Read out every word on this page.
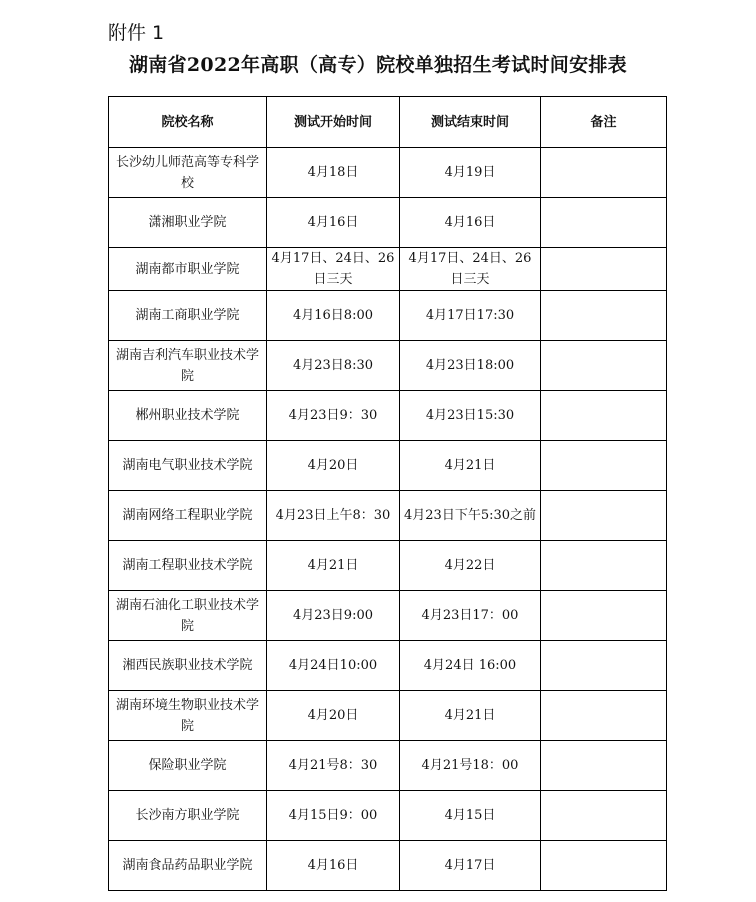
附件 1
湖南省2022年高职（高专）院校单独招生考试时间安排表
院校名称	测试开始时间	测试结束时间	备注
长沙幼儿师范高等专科学校	4月18日	4月19日	
潇湘职业学院	4月16日	4月16日	
湖南都市职业学院	4月17日、24日、26日三天	4月17日、24日、26日三天	
湖南工商职业学院	4月16日8:00	4月17日17:30	
湖南吉利汽车职业技术学院	4月23日8:30	4月23日18:00	
郴州职业技术学院	4月23日9：30	4月23日15:30	
湖南电气职业技术学院	4月20日	4月21日	
湖南网络工程职业学院	4月23日上午8：30	4月23日下午5:30之前	
湖南工程职业技术学院	4月21日	4月22日	
湖南石油化工职业技术学院	4月23日9:00	4月23日17：00	
湘西民族职业技术学院	4月24日10:00	4月24日 16:00	
湖南环境生物职业技术学院	4月20日	4月21日	
保险职业学院	4月21号8：30	4月21号18：00	
长沙南方职业学院	4月15日9：00	4月15日	
湖南食品药品职业学院	4月16日	4月17日	
